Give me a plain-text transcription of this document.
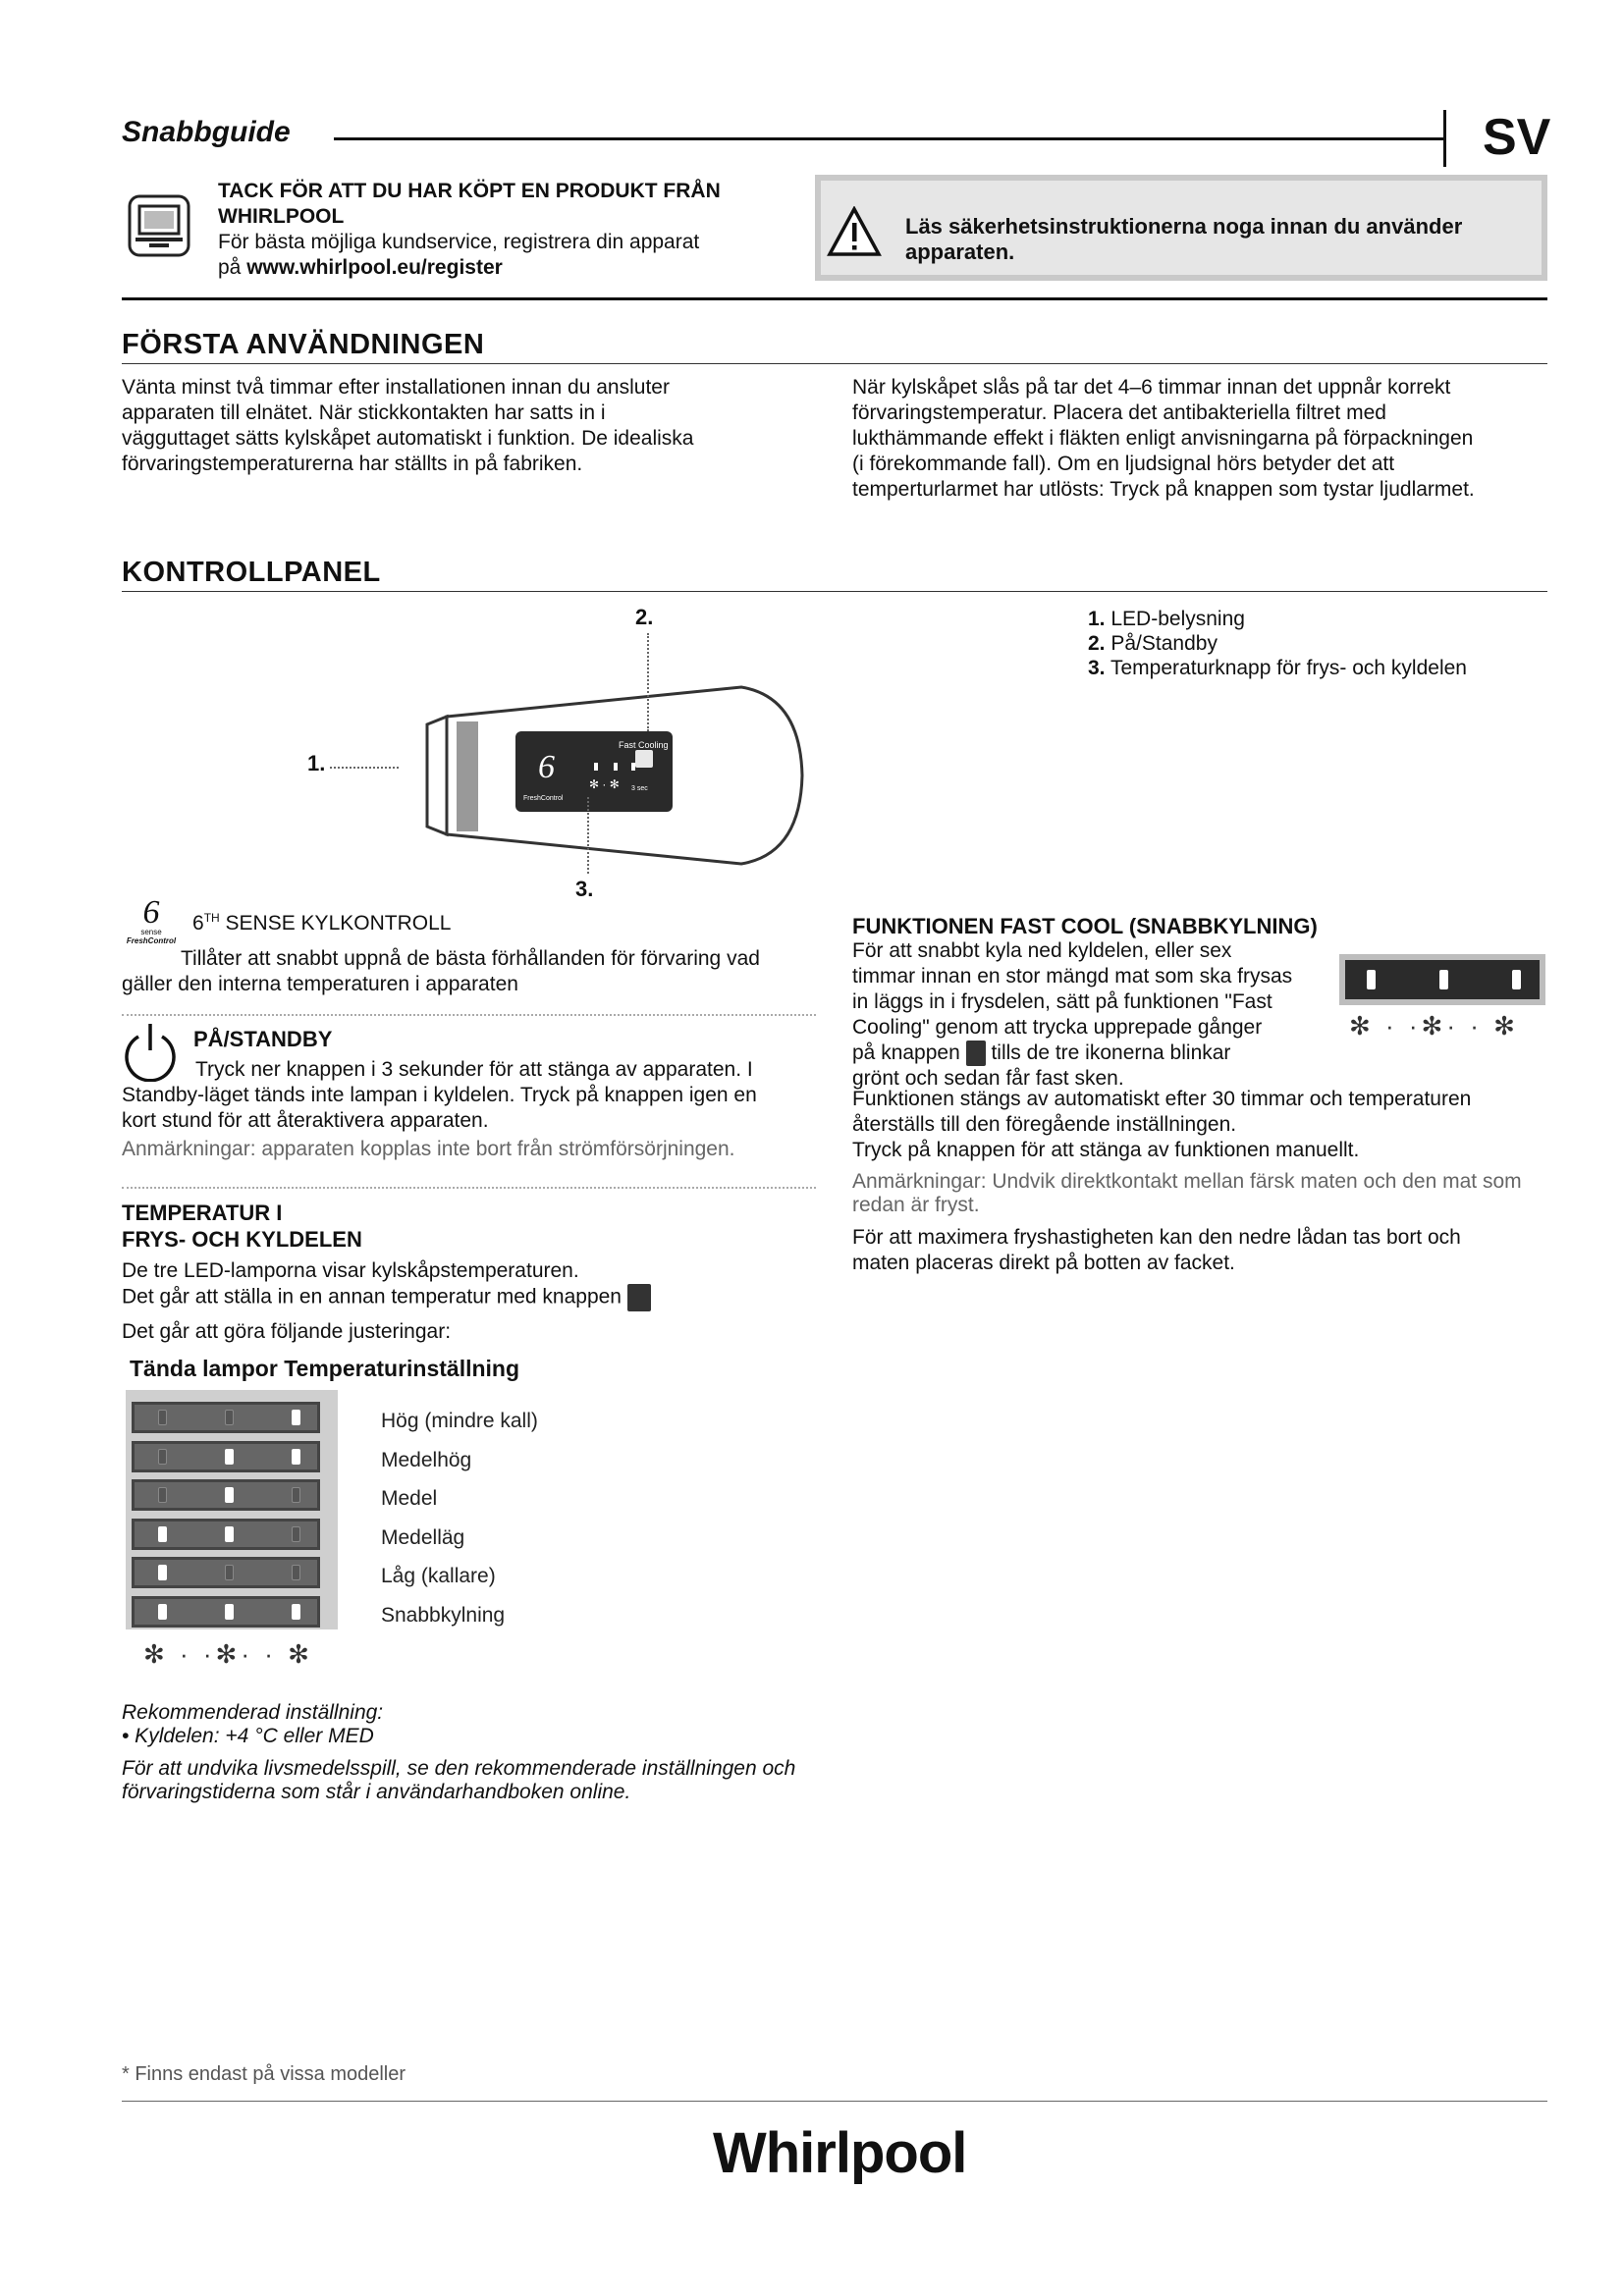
Snabbguide	SV
TACK FÖR ATT DU HAR KÖPT EN PRODUKT FRÅN
WHIRLPOOL
För bästa möjliga kundservice, registrera din apparat
på www.whirlpool.eu/register
Läs säkerhetsinstruktionerna noga innan du använder apparaten.
FÖRSTA ANVÄNDNINGEN
Vänta minst två timmar efter installationen innan du ansluter
apparaten till elnätet. När stickkontakten har satts in i
vägguttaget sätts kylskåpet automatiskt i funktion. De idealiska
förvaringstemperaturerna har ställts in på fabriken.
När kylskåpet slås på tar det 4–6 timmar innan det uppnår korrekt
förvaringstemperatur. Placera det antibakteriella filtret med
lukthämmande effekt i fläkten enligt anvisningarna på förpackningen
(i förekommande fall). Om en ljudsignal hörs betyder det att
temperturlarmet har utlösts: Tryck på knappen som tystar ljudlarmet.
KONTROLLPANEL
6
Fast Cooling
FreshControl
3 sec
✻ · ✻
1.
2.
3.
1. LED-belysning
2. På/Standby
3. Temperaturknapp för frys- och kyldelen
6
sense
FreshControl
6TH SENSE KYLKONTROLL
Tillåter att snabbt uppnå de bästa förhållanden för förvaring vad
gäller den interna temperaturen i apparaten
PÅ/STANDBY
Tryck ner knappen i 3 sekunder för att stänga av apparaten. I
Standby-läget tänds inte lampan i kyldelen. Tryck på knappen igen en
kort stund för att återaktivera apparaten.
Anmärkningar: apparaten kopplas inte bort från strömförsörjningen.
TEMPERATUR I
FRYS- OCH KYLDELEN
De tre LED-lamporna visar kylskåpstemperaturen.
Det går att ställa in en annan temperatur med knappen
Det går att göra följande justeringar:
Tända lampor Temperaturinställning
Hög (mindre kall)
Medelhög
Medel
Medelläg
Låg (kallare)
Snabbkylning
✻ · ·✻· · ✻
Rekommenderad inställning:
• Kyldelen: +4 °C eller MED
För att undvika livsmedelsspill, se den rekommenderade inställningen och
förvaringstiderna som står i användarhandboken online.
FUNKTIONEN FAST COOL (SNABBKYLNING)
För att snabbt kyla ned kyldelen, eller sex
timmar innan en stor mängd mat som ska frysas
in läggs in i frysdelen, sätt på funktionen "Fast
Cooling" genom att trycka upprepade gånger
på knappen tills de tre ikonerna blinkar
grönt och sedan får fast sken.
✻ · ·✻· · ✻
Funktionen stängs av automatiskt efter 30 timmar och temperaturen
återställs till den föregående inställningen.
Tryck på knappen för att stänga av funktionen manuellt.
Anmärkningar: Undvik direktkontakt mellan färsk maten och den mat som
redan är fryst.
För att maximera fryshastigheten kan den nedre lådan tas bort och
maten placeras direkt på botten av facket.
* Finns endast på vissa modeller
Whirlpool
